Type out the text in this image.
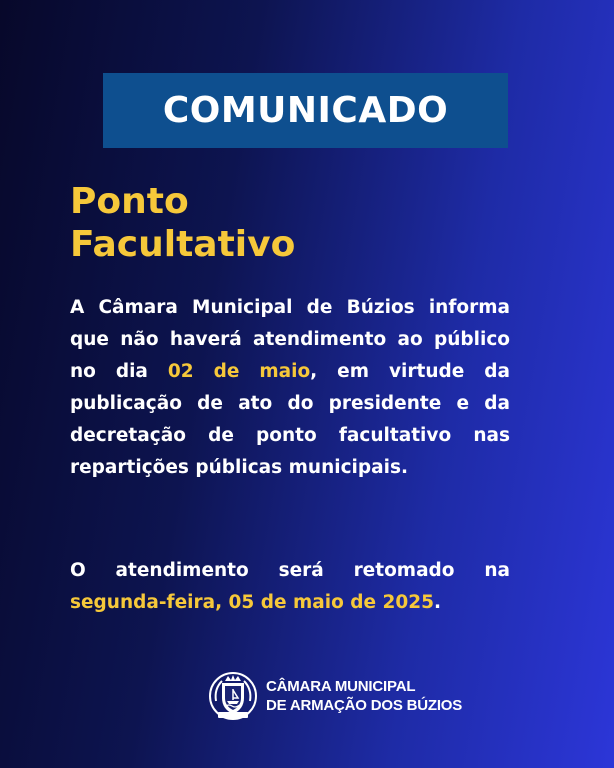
COMUNICADO
Ponto
Facultativo
A Câmara Municipal de Búzios informa que não haverá atendimento ao público no dia 02 de maio, em virtude da publicação de ato do presidente e da decretação de ponto facultativo nas repartições públicas municipais.
O atendimento será retomado na segunda-feira, 05 de maio de 2025.
CÂMARA MUNICIPAL
DE ARMAÇÃO DOS BÚZIOS
